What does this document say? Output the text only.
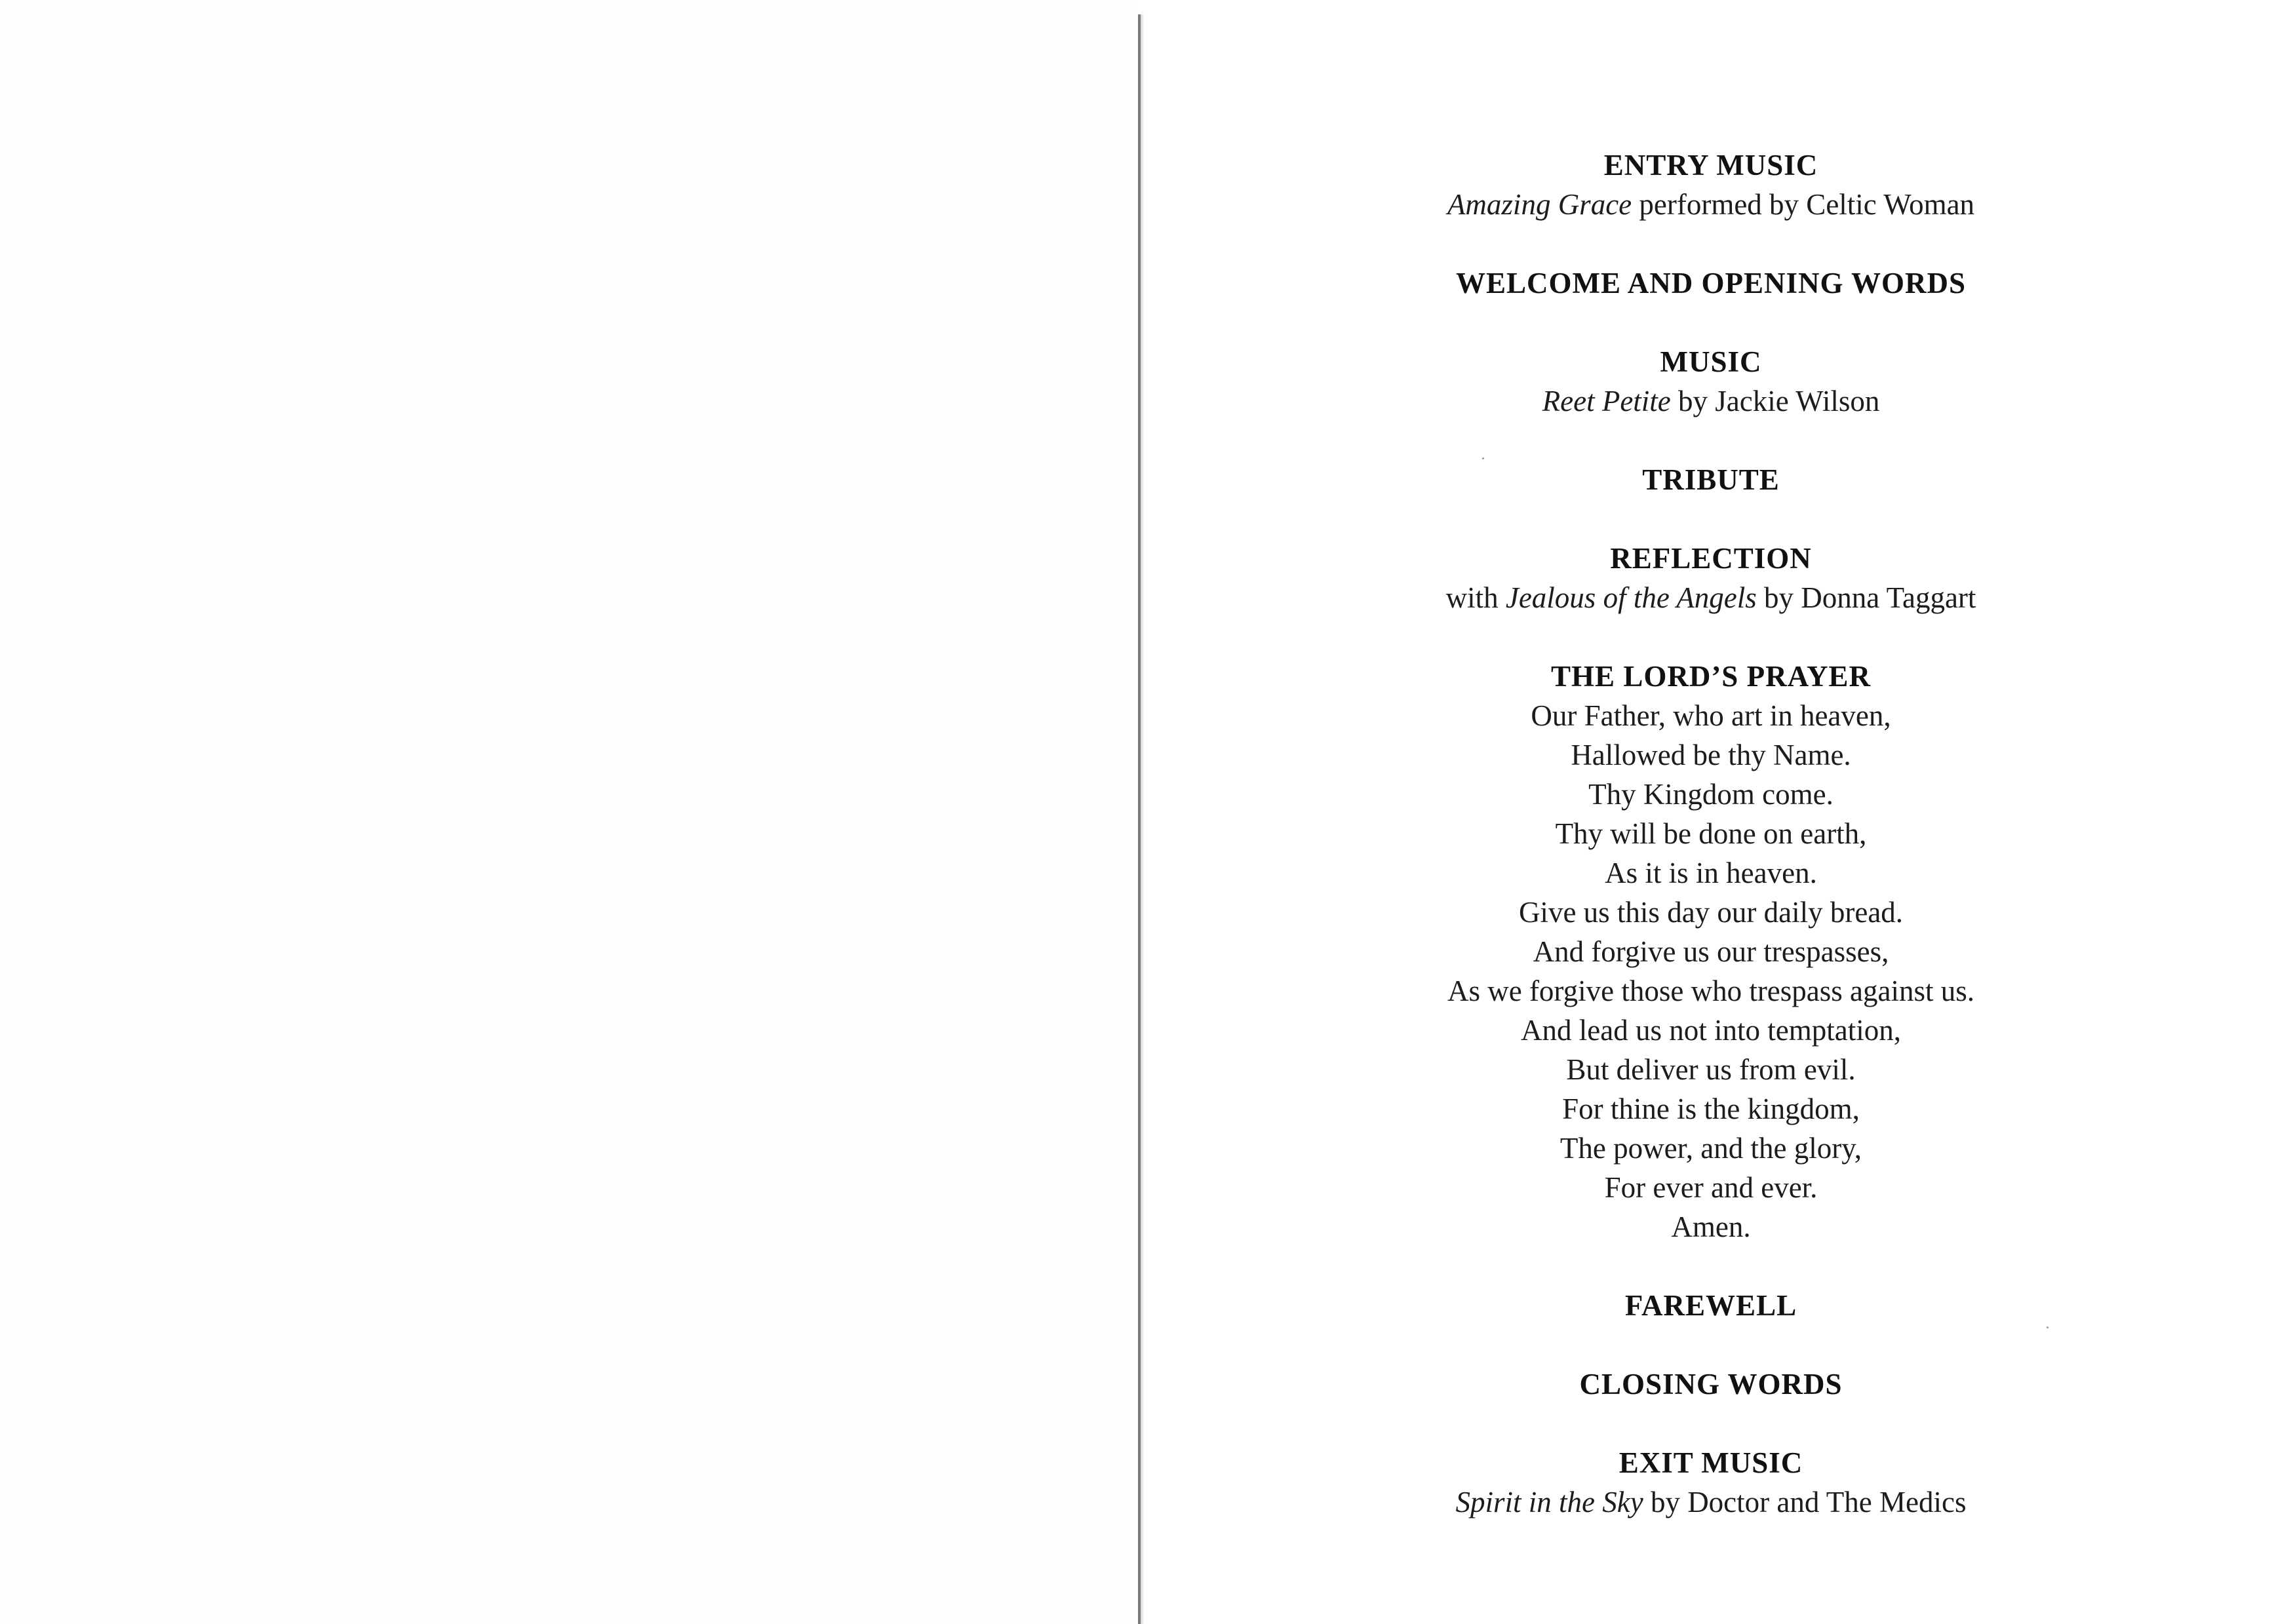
ENTRY MUSIC

Amazing Grace performed by Celtic Woman

WELCOME AND OPENING WORDS

MUSIC

Reet Petite by Jackie Wilson

TRIBUTE

REFLECTION

with Jealous of the Angels by Donna Taggart

THE LORD’S PRAYER

Our Father, who art in heaven,
Hallowed be thy Name.
Thy Kingdom come.
Thy will be done on earth,
As it is in heaven.
Give us this day our daily bread.
And forgive us our trespasses,
As we forgive those who trespass against us.
And lead us not into temptation,
But deliver us from evil.
For thine is the kingdom,
The power, and the glory,
For ever and ever.
Amen.

FAREWELL

CLOSING WORDS

EXIT MUSIC

Spirit in the Sky by Doctor and The Medics
